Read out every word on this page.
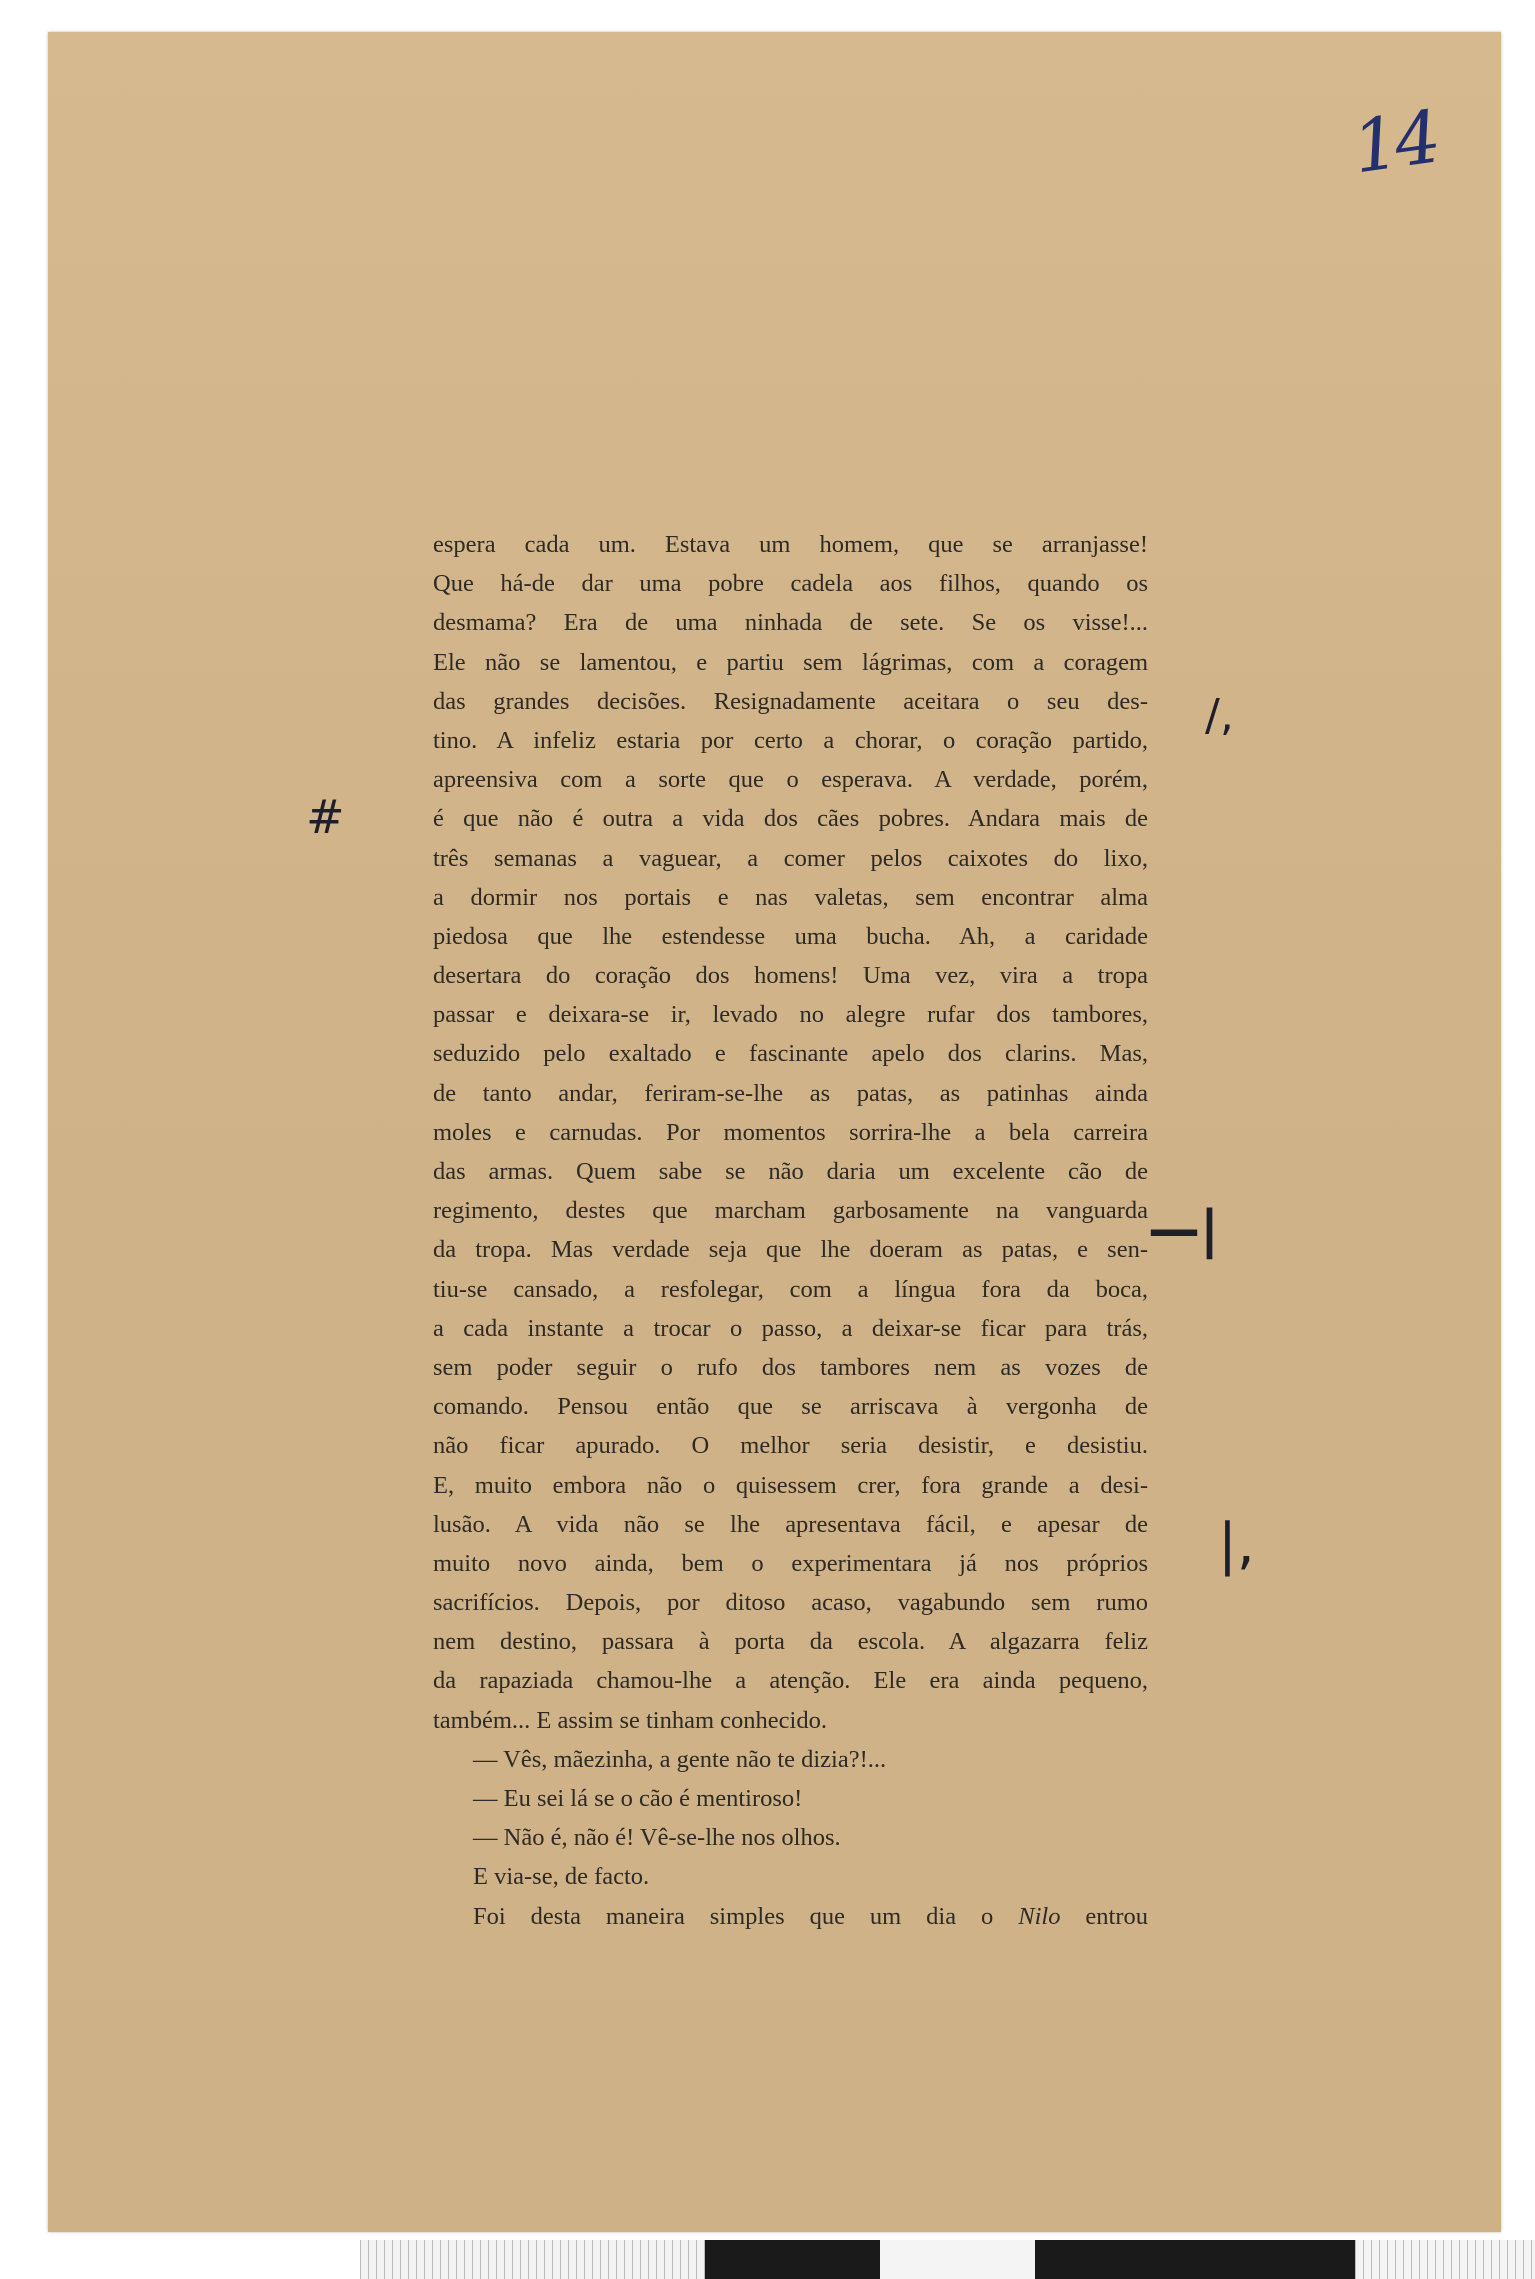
14
#
/,
—|
|,
espera cada um. Estava um homem, que se arranjasse!
Que há-de dar uma pobre cadela aos filhos, quando os
desmama? Era de uma ninhada de sete. Se os visse!...
Ele não se lamentou, e partiu sem lágrimas, com a coragem
das grandes decisões. Resignadamente aceitara o seu des-
tino. A infeliz estaria por certo a chorar, o coração partido,
apreensiva com a sorte que o esperava. A verdade, porém,
é que não é outra a vida dos cães pobres. Andara mais de
três semanas a vaguear, a comer pelos caixotes do lixo,
a dormir nos portais e nas valetas, sem encontrar alma
piedosa que lhe estendesse uma bucha. Ah, a caridade
desertara do coração dos homens! Uma vez, vira a tropa
passar e deixara-se ir, levado no alegre rufar dos tambores,
seduzido pelo exaltado e fascinante apelo dos clarins. Mas,
de tanto andar, feriram-se-lhe as patas, as patinhas ainda
moles e carnudas. Por momentos sorrira-lhe a bela carreira
das armas. Quem sabe se não daria um excelente cão de
regimento, destes que marcham garbosamente na vanguarda
da tropa. Mas verdade seja que lhe doeram as patas, e sen-
tiu-se cansado, a resfolegar, com a língua fora da boca,
a cada instante a trocar o passo, a deixar-se ficar para trás,
sem poder seguir o rufo dos tambores nem as vozes de
comando. Pensou então que se arriscava à vergonha de
não ficar apurado. O melhor seria desistir, e desistiu.
E, muito embora não o quisessem crer, fora grande a desi-
lusão. A vida não se lhe apresentava fácil, e apesar de
muito novo ainda, bem o experimentara já nos próprios
sacrifícios. Depois, por ditoso acaso, vagabundo sem rumo
nem destino, passara à porta da escola. A algazarra feliz
da rapaziada chamou-lhe a atenção. Ele era ainda pequeno,
também... E assim se tinham conhecido.
— Vês, mãezinha, a gente não te dizia?!...
— Eu sei lá se o cão é mentiroso!
— Não é, não é! Vê-se-lhe nos olhos.
E via-se, de facto.
Foi desta maneira simples que um dia o Nilo entrou
